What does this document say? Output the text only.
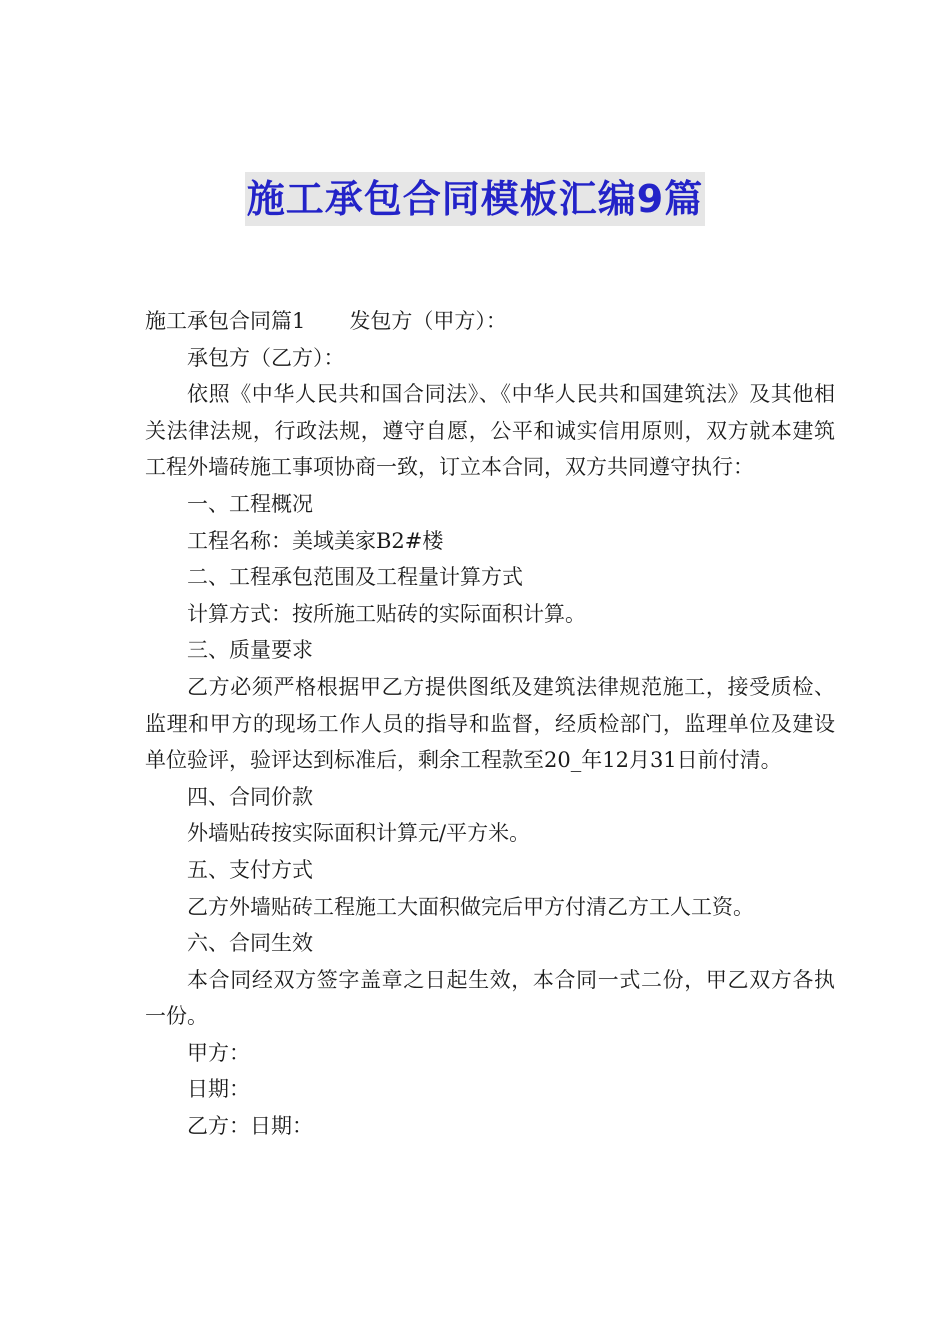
施工承包合同模板汇编9篇

施工承包合同篇1 发包方（甲方）：

承包方（乙方）：

依照《中华人民共和国合同法》、《中华人民共和国建筑法》及其他相关法律法规，行政法规，遵守自愿，公平和诚实信用原则，双方就本建筑工程外墙砖施工事项协商一致，订立本合同，双方共同遵守执行：

一、工程概况

工程名称：美域美家B2#楼

二、工程承包范围及工程量计算方式

计算方式：按所施工贴砖的实际面积计算。

三、质量要求

乙方必须严格根据甲乙方提供图纸及建筑法律规范施工，接受质检、监理和甲方的现场工作人员的指导和监督，经质检部门，监理单位及建设单位验评，验评达到标准后，剩余工程款至20_年12月31日前付清。

四、合同价款

外墙贴砖按实际面积计算元/平方米。

五、支付方式

乙方外墙贴砖工程施工大面积做完后甲方付清乙方工人工资。

六、合同生效

本合同经双方签字盖章之日起生效，本合同一式二份，甲乙双方各执一份。

甲方：

日期：

乙方：日期：
